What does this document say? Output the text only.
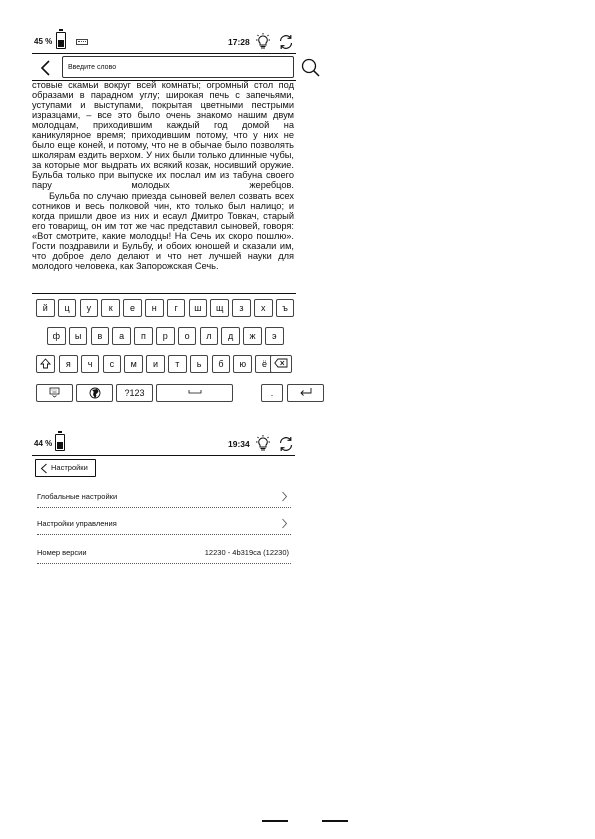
45 %	17:28
Введите слово

стовые скамьи вокруг всей комнаты; огромный стол под образами в парадном углу; широкая печь с запечьями, уступами и выступами, покрытая цветными пестрыми изразцами, – все это было очень знакомо нашим двум молодцам, приходившим каждый год домой на каникулярное время; приходившим потому, что у них не было еще коней, и потому, что не в обычае было позволять школярам ездить верхом. У них были только длинные чубы, за которые мог выдрать их всякий козак, носивший оружие. Бульба только при выпуске их послал им из табуна своего пару молодых жеребцов.

Бульба по случаю приезда сыновей велел созвать всех сотников и весь полковой чин, кто только был налицо; и когда пришли двое из них и есаул Дмитро Товкач, старый его товарищ, он им тот же час представил сыновей, говоря: «Вот смотрите, какие молодцы! На Сечь их скоро пошлю». Гости поздравили и Бульбу, и обоих юношей и сказали им, что доброе дело делают и что нет лучшей науки для молодого человека, как Запорожская Сечь.

й	ц	у	к	е	н	г	ш	щ	з	х	ъ
ф	ы	в	а	п	р	о	л	д	ж	э
я	ч	с	м	и	т	ь	б	ю	ё
?123	.
44 %	19:34
Настройки
Глобальные настройки
Настройки управления
Номер версии	12230 - 4b319ca (12230)
